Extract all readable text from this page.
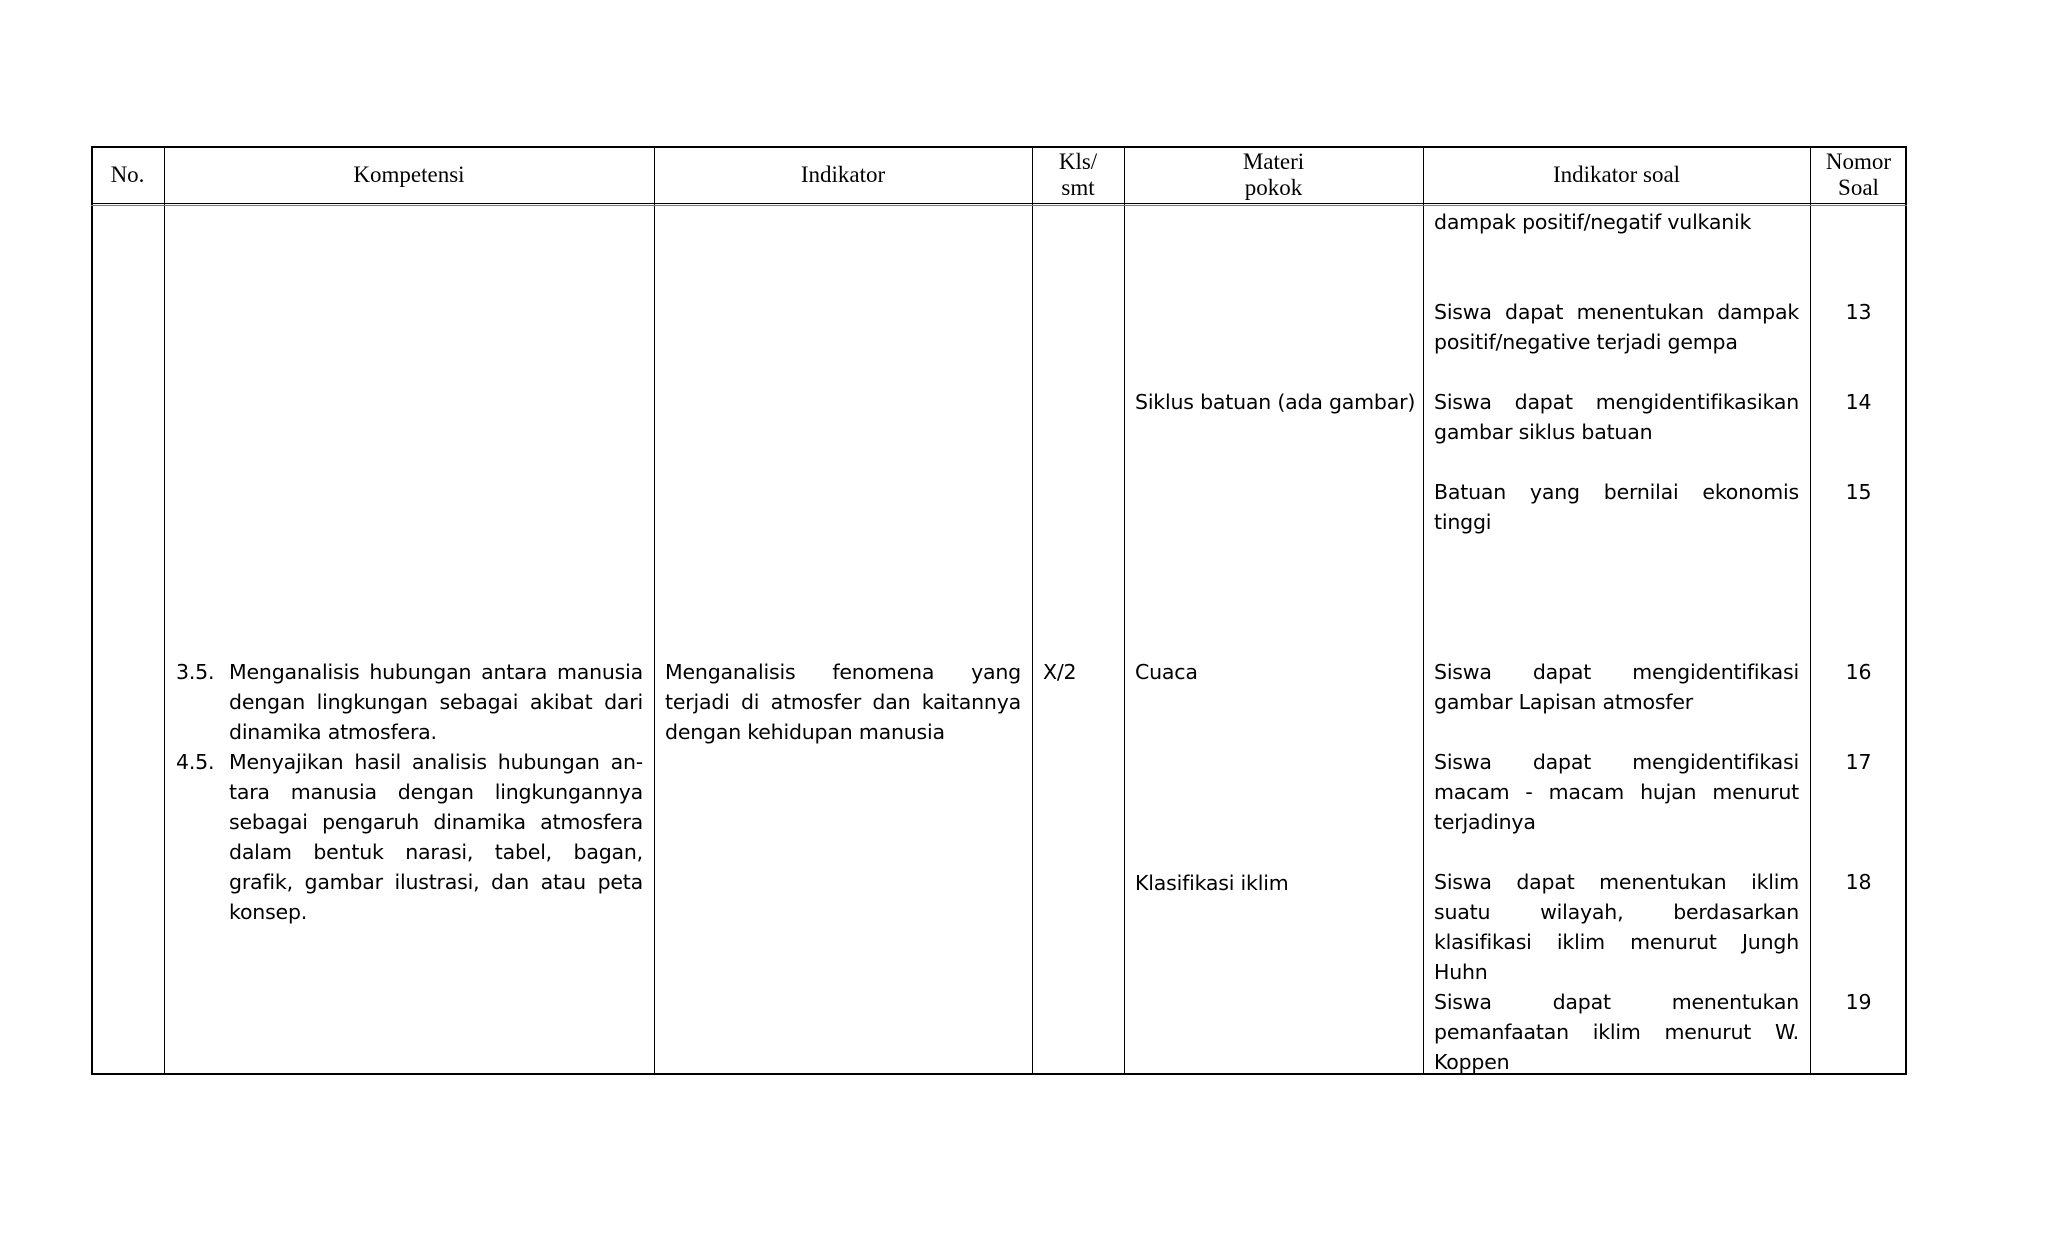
No.	Kompetensi	Indikator
Kls/
smt
Materi
pokok
Indikator soal
Nomor
Soal
3.5. Menganalisis hubungan antara manusia dengan lingkungan sebagai akibat dari dinamika atmosfera.
4.5. Menyajikan hasil analisis hubungan an-tara manusia dengan lingkungannya sebagai pengaruh dinamika atmosfera dalam bentuk narasi, tabel, bagan, grafik, gambar ilustrasi, dan atau peta konsep.
Menganalisis fenomena yang terjadi di atmosfer dan kaitannya dengan kehidupan manusia
X/2
Siklus batuan (ada gambar)
Cuaca
Klasifikasi iklim
dampak positif/negatif vulkanik
Siswa dapat menentukan dampak positif/negative terjadi gempa
Siswa dapat mengidentifikasikan gambar siklus batuan
Batuan yang bernilai ekonomis tinggi
Siswa dapat mengidentifikasi gambar Lapisan atmosfer
Siswa dapat mengidentifikasi macam - macam hujan menurut terjadinya
Siswa dapat menentukan iklim suatu wilayah, berdasarkan klasifikasi iklim menurut Jungh Huhn
Siswa dapat menentukan pemanfaatan iklim menurut W. Koppen
13
14
15
16
17
18
19
